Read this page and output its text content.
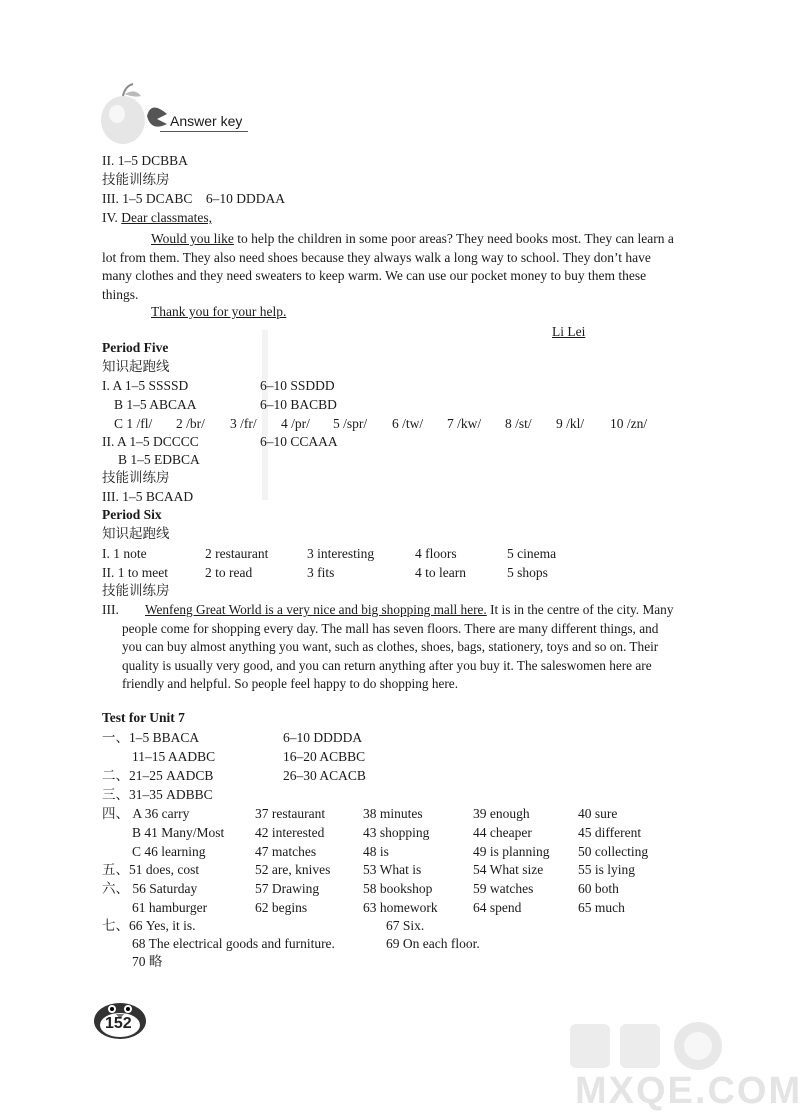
Answer key
II. 1–5 DCBBA
技能训练房
III. 1–5 DCABC    6–10 DDDAA
IV. Dear classmates,
Would you like to help the children in some poor areas? They need books most. They can learn a lot from them. They also need shoes because they always walk a long way to school. They don’t have many clothes and they need sweaters to keep warm. We can use our pocket money to buy them these things.
Thank you for your help.
Li Lei
Period Five
知识起跑线
I. A 1–5 SSSSD	6–10 SSDDD
B 1–5 ABCAA	6–10 BACBD
C 1 /fl/ 2 /br/ 3 /fr/ 4 /pr/ 5 /spr/ 6 /tw/ 7 /kw/ 8 /st/ 9 /kl/ 10 /zn/
II. A 1–5 DCCCC	6–10 CCAAA
B 1–5 EDBCA
技能训练房
III. 1–5 BCAAD
Period Six
知识起跑线
I. 1 note	2 restaurant	3 interesting	4 floors	5 cinema
II. 1 to meet	2 to read	3 fits	4 to learn	5 shops
技能训练房
III.	Wenfeng Great World is a very nice and big shopping mall here. It is in the centre of the city. Many people come for shopping every day. The mall has seven floors. There are many different things, and you can buy almost anything you want, such as clothes, shoes, bags, stationery, toys and so on. Their quality is usually very good, and you can return anything after you buy it. The saleswomen here are friendly and helpful. So people feel happy to do shopping here.
Test for Unit 7
一、1–5 BBACA	6–10 DDDDA
11–15 AADBC	16–20 ACBBC
二、21–25 AADCB	26–30 ACACB
三、31–35 ADBBC
四、 A 36 carry	37 restaurant	38 minutes	39 enough	40 sure
B 41 Many/Most 42 interested	43 shopping	44 cheaper	45 different
C 46 learning	47 matches	48 is	49 is planning 50 collecting
五、51 does, cost	52 are, knives 53 What is	54 What size	55 is lying
六、 56 Saturday	57 Drawing	58 bookshop	59 watches	60 both
61 hamburger	62 begins	63 homework	64 spend	65 much
七、66 Yes, it is.	67 Six.
68 The electrical goods and furniture.	69 On each floor.
70 略
152
MXQE.COM
